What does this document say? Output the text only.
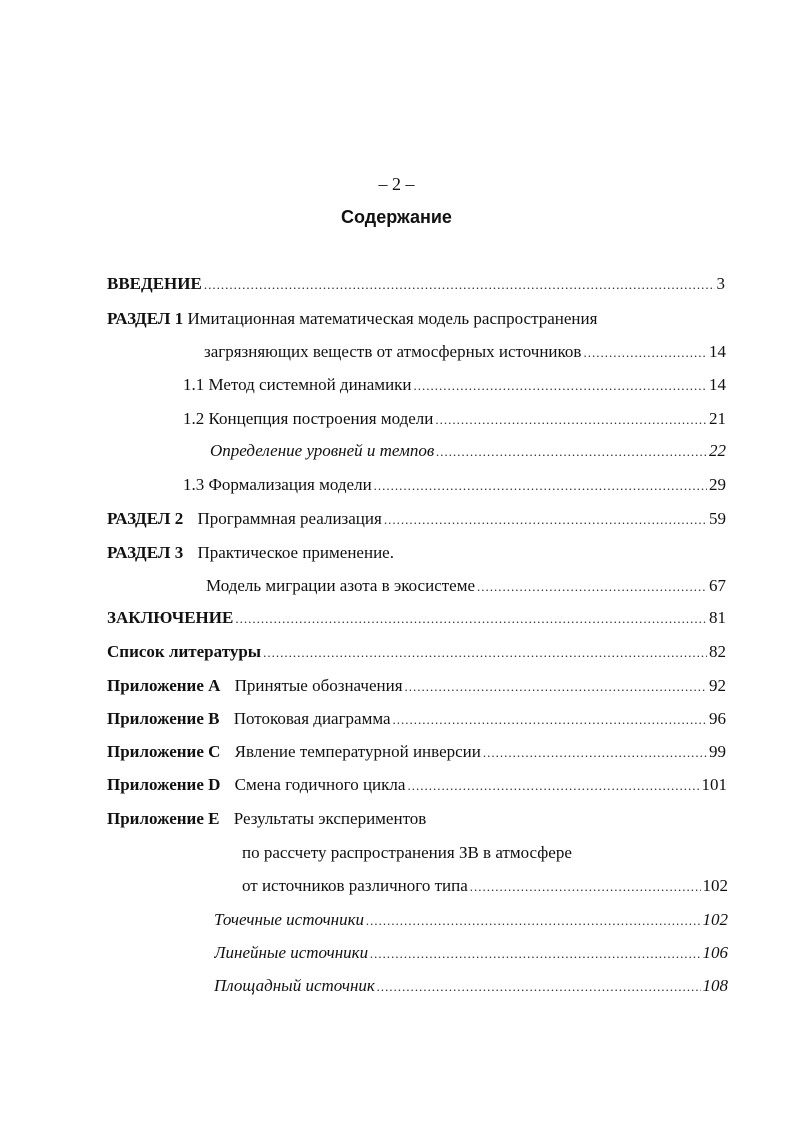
– 2 –
Содержание
ВВЕДЕНИЕ .....	3
РАЗДЕЛ 1 Имитационная математическая модель распространения
загрязняющих веществ от атмосферных источников .....	14
1.1 Метод системной динамики .....	14
1.2 Концепция построения модели .....	21
Определение уровней и темпов .....	22
1.3 Формализация модели .....	29
РАЗДЕЛ 2 Программная реализация .....	59
РАЗДЕЛ 3 Практическое применение.
Модель миграции азота в экосистеме .....	67
ЗАКЛЮЧЕНИЕ .....	81
Список литературы .....	82
Приложение A Принятые обозначения .....	92
Приложение B Потоковая диаграмма .....	96
Приложение C Явление температурной инверсии .....	99
Приложение D Смена годичного цикла .....	101
Приложение E Результаты экспериментов
по рассчету распространения ЗВ в атмосфере
от источников различного типа .....	102
Точечные источники .....	102
Линейные источники .....	106
Площадный источник .....	108
